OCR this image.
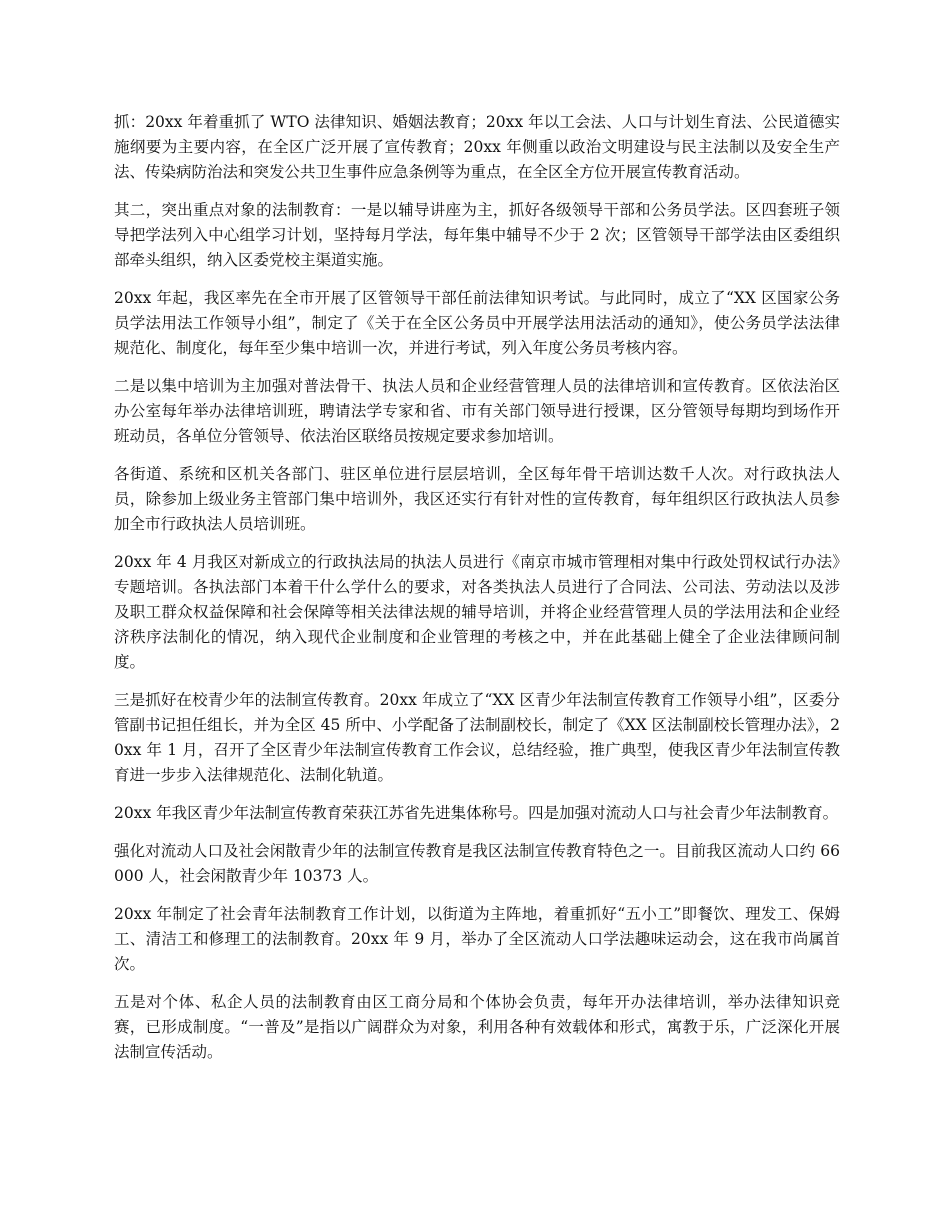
抓：20xx 年着重抓了 WTO 法律知识、婚姻法教育；20xx 年以工会法、人口与计划生育法、公民道德实施纲要为主要内容，在全区广泛开展了宣传教育；20xx 年侧重以政治文明建设与民主法制以及安全生产法、传染病防治法和突发公共卫生事件应急条例等为重点，在全区全方位开展宣传教育活动。

其二，突出重点对象的法制教育：一是以辅导讲座为主，抓好各级领导干部和公务员学法。区四套班子领导把学法列入中心组学习计划，坚持每月学法，每年集中辅导不少于 2 次；区管领导干部学法由区委组织部牵头组织，纳入区委党校主渠道实施。

20xx 年起，我区率先在全市开展了区管领导干部任前法律知识考试。与此同时，成立了“XX 区国家公务员学法用法工作领导小组”，制定了《关于在全区公务员中开展学法用法活动的通知》，使公务员学法法律规范化、制度化，每年至少集中培训一次，并进行考试，列入年度公务员考核内容。

二是以集中培训为主加强对普法骨干、执法人员和企业经营管理人员的法律培训和宣传教育。区依法治区办公室每年举办法律培训班，聘请法学专家和省、市有关部门领导进行授课，区分管领导每期均到场作开班动员，各单位分管领导、依法治区联络员按规定要求参加培训。

各街道、系统和区机关各部门、驻区单位进行层层培训，全区每年骨干培训达数千人次。对行政执法人员，除参加上级业务主管部门集中培训外，我区还实行有针对性的宣传教育，每年组织区行政执法人员参加全市行政执法人员培训班。

20xx 年 4 月我区对新成立的行政执法局的执法人员进行《南京市城市管理相对集中行政处罚权试行办法》专题培训。各执法部门本着干什么学什么的要求，对各类执法人员进行了合同法、公司法、劳动法以及涉及职工群众权益保障和社会保障等相关法律法规的辅导培训，并将企业经营管理人员的学法用法和企业经济秩序法制化的情况，纳入现代企业制度和企业管理的考核之中，并在此基础上健全了企业法律顾问制度。

三是抓好在校青少年的法制宣传教育。20xx 年成立了“XX 区青少年法制宣传教育工作领导小组”，区委分管副书记担任组长，并为全区 45 所中、小学配备了法制副校长，制定了《XX 区法制副校长管理办法》，20xx 年 1 月，召开了全区青少年法制宣传教育工作会议，总结经验，推广典型，使我区青少年法制宣传教育进一步步入法律规范化、法制化轨道。

20xx 年我区青少年法制宣传教育荣获江苏省先进集体称号。四是加强对流动人口与社会青少年法制教育。

强化对流动人口及社会闲散青少年的法制宣传教育是我区法制宣传教育特色之一。目前我区流动人口约 66000 人，社会闲散青少年 10373 人。

20xx 年制定了社会青年法制教育工作计划，以街道为主阵地，着重抓好“五小工”即餐饮、理发工、保姆工、清洁工和修理工的法制教育。20xx 年 9 月，举办了全区流动人口学法趣味运动会，这在我市尚属首次。

五是对个体、私企人员的法制教育由区工商分局和个体协会负责，每年开办法律培训，举办法律知识竞赛，已形成制度。“一普及”是指以广阔群众为对象，利用各种有效载体和形式，寓教于乐，广泛深化开展法制宣传活动。
